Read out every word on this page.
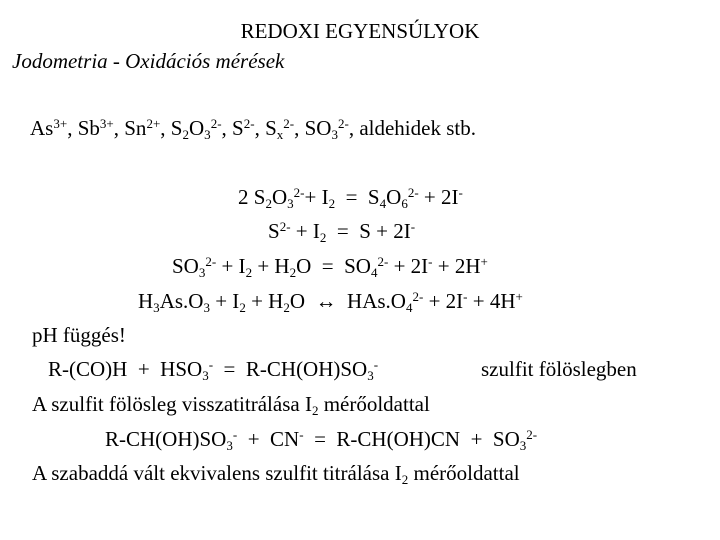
REDOXI EGYENSÚLYOK
Jodometria - Oxidációs mérések
$As^{3+}$, $Sb^{3+}$, $Sn^{2+}$, $S_2O_3^{2-}$, $S^{2-}$, $S_x^{2-}$, $SO_3^{2-}$, aldehidek stb.
2 $S_2O_3^{2-}+ I_2 = S_4O_6^{2-} + 2I^-$
$S^{2-} + I_2 = S + 2I^-$
$SO_3^{2-} + I_2 + H_2O = SO_4^{2-} + 2I^- + 2H^+$
$H_3As.O_3 + I_2 + H_2O$  ↔  $HAs.O_4^{2-} + 2I^- + 4H^+$
pH függés!
$R-(CO)H + HSO_3^- = R-CH(OH)SO_3^-$	szulfit fölöslegben
A szulfit fölösleg visszatitrálása $I_2$ mérőoldattal
$R-CH(OH)SO_3^- + CN^- = R-CH(OH)CN + SO_3^{2-}$
A szabaddá vált ekvivalens szulfit titrálása $I_2$ mérőoldattal
